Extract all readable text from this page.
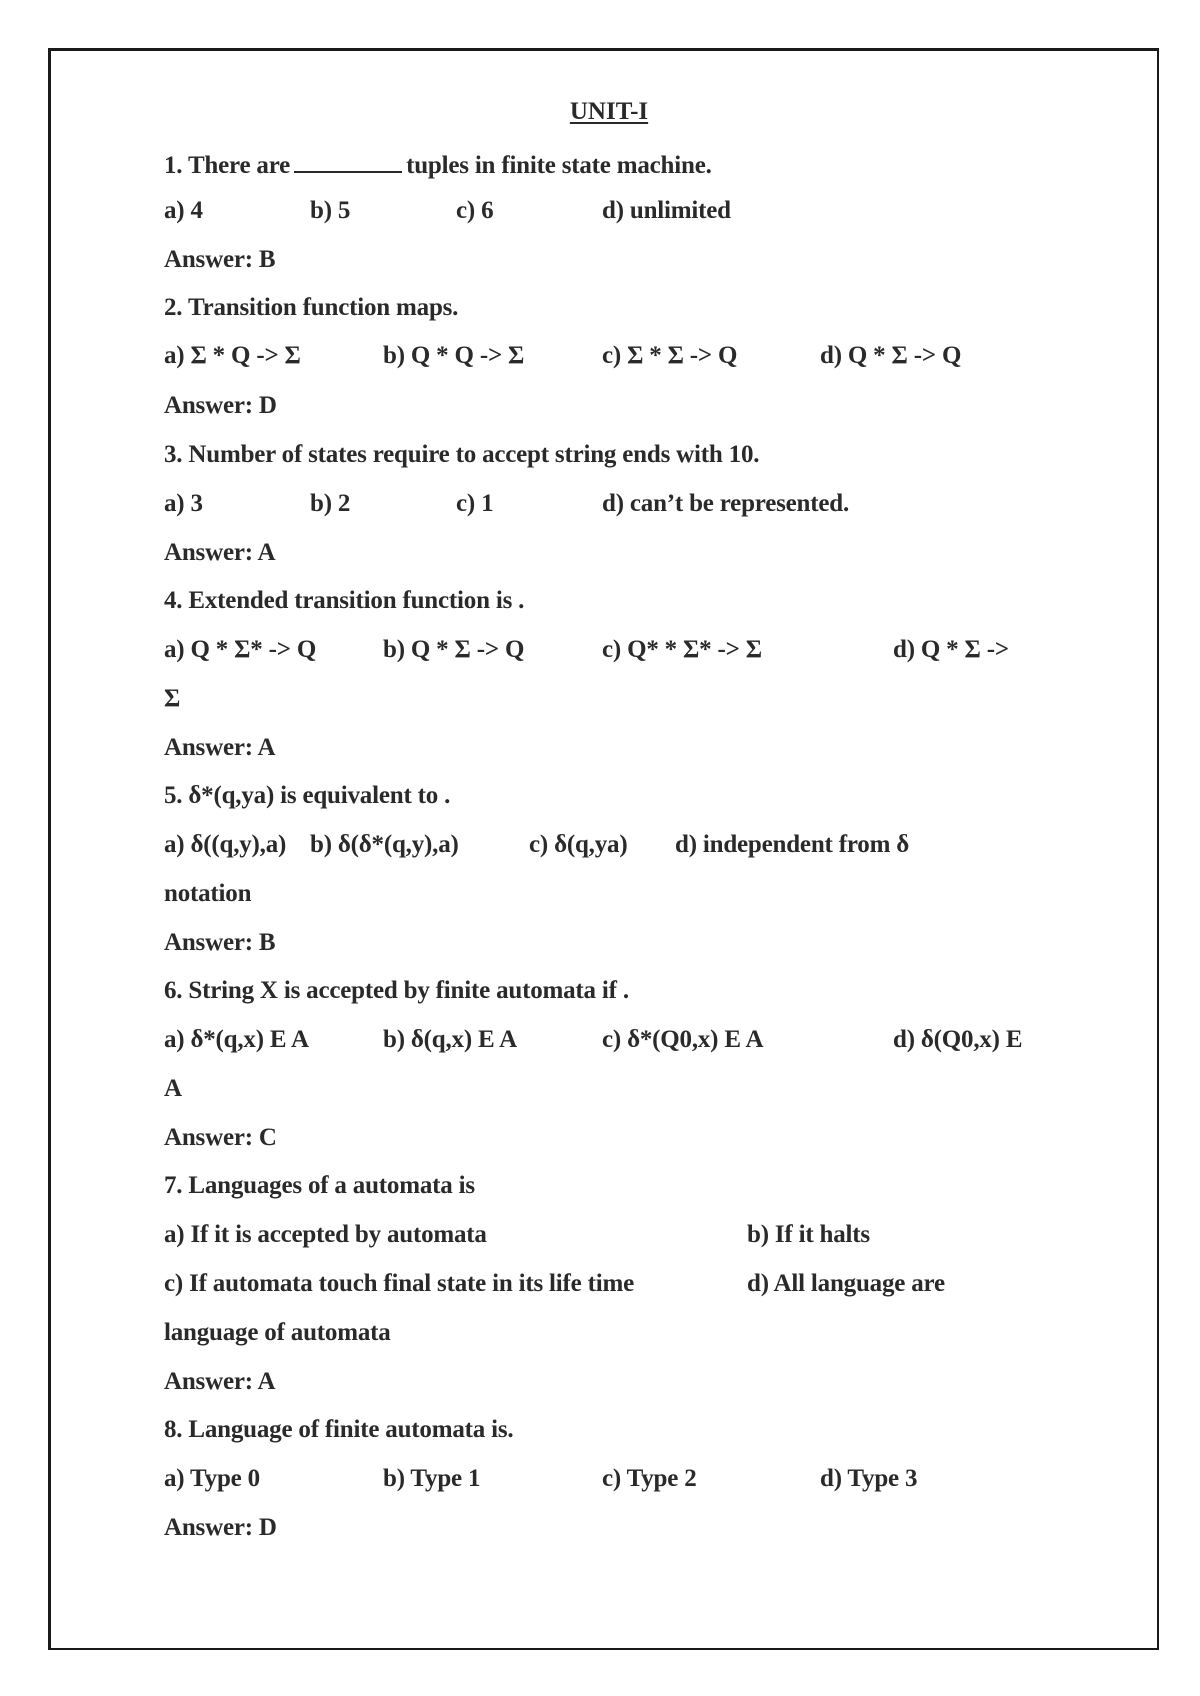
UNIT-I
1. There are	tuples in finite state machine.
a) 4	b) 5	c) 6	d) unlimited
Answer: B
2. Transition function maps.
a) Σ * Q -> Σ	b) Q * Q -> Σ	c) Σ * Σ -> Q	d) Q * Σ -> Q
Answer: D
3. Number of states require to accept string ends with 10.
a) 3	b) 2	c) 1	d) can’t be represented.
Answer: A
4. Extended transition function is .
a) Q * Σ* -> Q	b) Q * Σ -> Q	c) Q* * Σ* -> Σ	d) Q * Σ ->
Σ
Answer: A
5. δ*(q,ya) is equivalent to .
a) δ((q,y),a) b) δ(δ*(q,y),a)	c) δ(q,ya) d) independent from δ
notation
Answer: B
6. String X is accepted by finite automata if .
a) δ*(q,x) E A	b) δ(q,x) E A	c) δ*(Q0,x) E A	d) δ(Q0,x) E
A
Answer: C
7. Languages of a automata is
a) If it is accepted by automata	b) If it halts
c) If automata touch final state in its life time	d) All language are
language of automata
Answer: A
8. Language of finite automata is.
a) Type 0	b) Type 1	c) Type 2	d) Type 3
Answer: D
